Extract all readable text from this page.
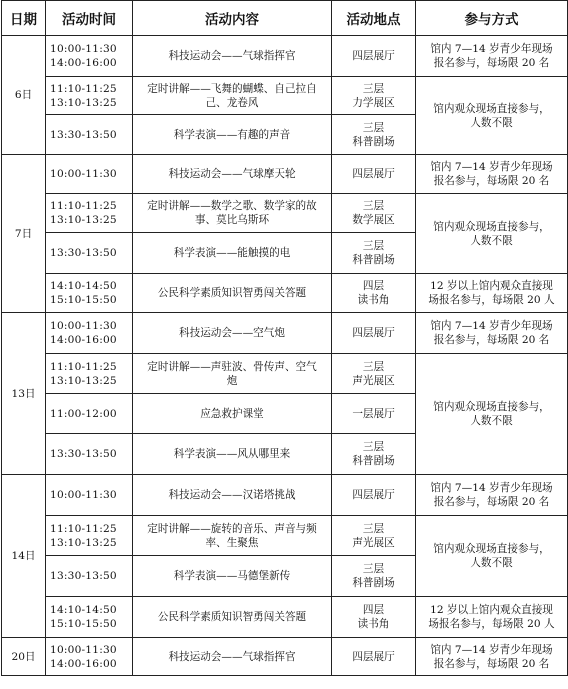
日期	活动时间	活动内容	活动地点	参与方式
6日	10:00-11:30
14:00-16:00	科技运动会——气球指挥官	四层展厅	馆内 7—14 岁青少年现场
报名参与，每场限 20 名

	11:10-11:25
13:10-13:25	定时讲解——飞舞的蝴蝶、自己拉自
己、龙卷风	三层
力学展区	馆内观众现场直接参与，
人数不限

	13:30-13:50	科学表演——有趣的声音	三层
科普剧场	

7日	10:00-11:30	科技运动会——气球摩天轮	四层展厅	馆内 7—14 岁青少年现场
报名参与，每场限 20 名

	11:10-11:25
13:10-13:25	定时讲解——数学之歌、数学家的故
事、莫比乌斯环	三层
数学展区	馆内观众现场直接参与，
人数不限

	13:30-13:50	科学表演——能触摸的电	三层
科普剧场	

	14:10-14:50
15:10-15:50	公民科学素质知识智勇闯关答题	四层
读书角	12 岁以上馆内观众直接现
场报名参与，每场限 20 人

13日	10:00-11:30
14:00-16:00	科技运动会——空气炮	四层展厅	馆内 7—14 岁青少年现场
报名参与，每场限 20 名

	11:10-11:25
13:10-13:25	定时讲解——声驻波、骨传声、空气
炮	三层
声光展区	馆内观众现场直接参与，
人数不限

	11:00-12:00	应急救护课堂	一层展厅	

	13:30-13:50	科学表演——风从哪里来	三层
科普剧场	

14日	10:00-11:30	科技运动会——汉诺塔挑战	四层展厅	馆内 7—14 岁青少年现场
报名参与，每场限 20 名

	11:10-11:25
13:10-13:25	定时讲解——旋转的音乐、声音与频
率、生聚焦	三层
声光展区	馆内观众现场直接参与，
人数不限

	13:30-13:50	科学表演——马德堡新传	三层
科普剧场	

	14:10-14:50
15:10-15:50	公民科学素质知识智勇闯关答题	四层
读书角	12 岁以上馆内观众直接现
场报名参与，每场限 20 人

20日	10:00-11:30
14:00-16:00	科技运动会——气球指挥官	四层展厅	馆内 7—14 岁青少年现场
报名参与，每场限 20 名
